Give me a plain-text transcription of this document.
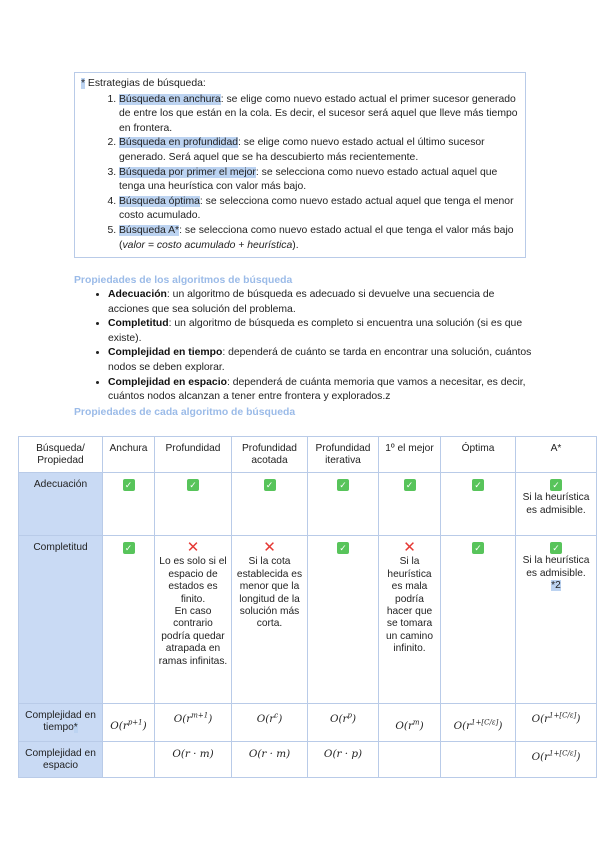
* Estrategias de búsqueda:

1. Búsqueda en anchura: se elige como nuevo estado actual el primer sucesor generado de entre los que están en la cola. Es decir, el sucesor será aquel que lleve más tiempo en frontera.
2. Búsqueda en profundidad: se elige como nuevo estado actual el último sucesor generado. Será aquel que se ha descubierto más recientemente.
3. Búsqueda por primer el mejor: se selecciona como nuevo estado actual aquel que tenga una heurística con valor más bajo.
4. Búsqueda óptima: se selecciona como nuevo estado actual aquel que tenga el menor costo acumulado.
5. Búsqueda A*: se selecciona como nuevo estado actual el que tenga el valor más bajo (valor = costo acumulado + heurística).
Propiedades de los algoritmos de búsqueda
• Adecuación: un algoritmo de búsqueda es adecuado si devuelve una secuencia de acciones que sea solución del problema.
• Completitud: un algoritmo de búsqueda es completo si encuentra una solución (si es que existe).
• Complejidad en tiempo: dependerá de cuánto se tarda en encontrar una solución, cuántos nodos se deben explorar.
• Complejidad en espacio: dependerá de cuánta memoria que vamos a necesitar, es decir, cuántos nodos alcanzan a tener entre frontera y explorados.z
Propiedades de cada algoritmo de búsqueda
Búsqueda/ Propiedad	Anchura	Profundidad	Profundidad acotada	Profundidad iterativa	1º el mejor	Óptima	A*
Adecuación	✓	✓	✓	✓	✓	✓	✓
Si la heurística es admisible.
Completitud	✓	✕
Lo es solo si el espacio de estados es finito.
En caso contrario podría quedar atrapada en ramas infinitas.	✕
Si la cota establecida es menor que la longitud de la solución más corta.	✓	✕
Si la heurística es mala podría hacer que se tomara un camino infinito.	✓	✓
Si la heurística es admisible.
*2
Complejidad en tiempo*	$O(r^{p+1})$	$O(r^{m+1})$	$O(r^c)$	$O(r^p)$	$O(r^m)$	$O(r^{1+[C/\varepsilon]})$	$O(r^{1+[C/\varepsilon]})$
Complejidad en espacio		O(r · m)	O(r · m)	O(r · p)			$O(r^{1+[C/\varepsilon]})$
